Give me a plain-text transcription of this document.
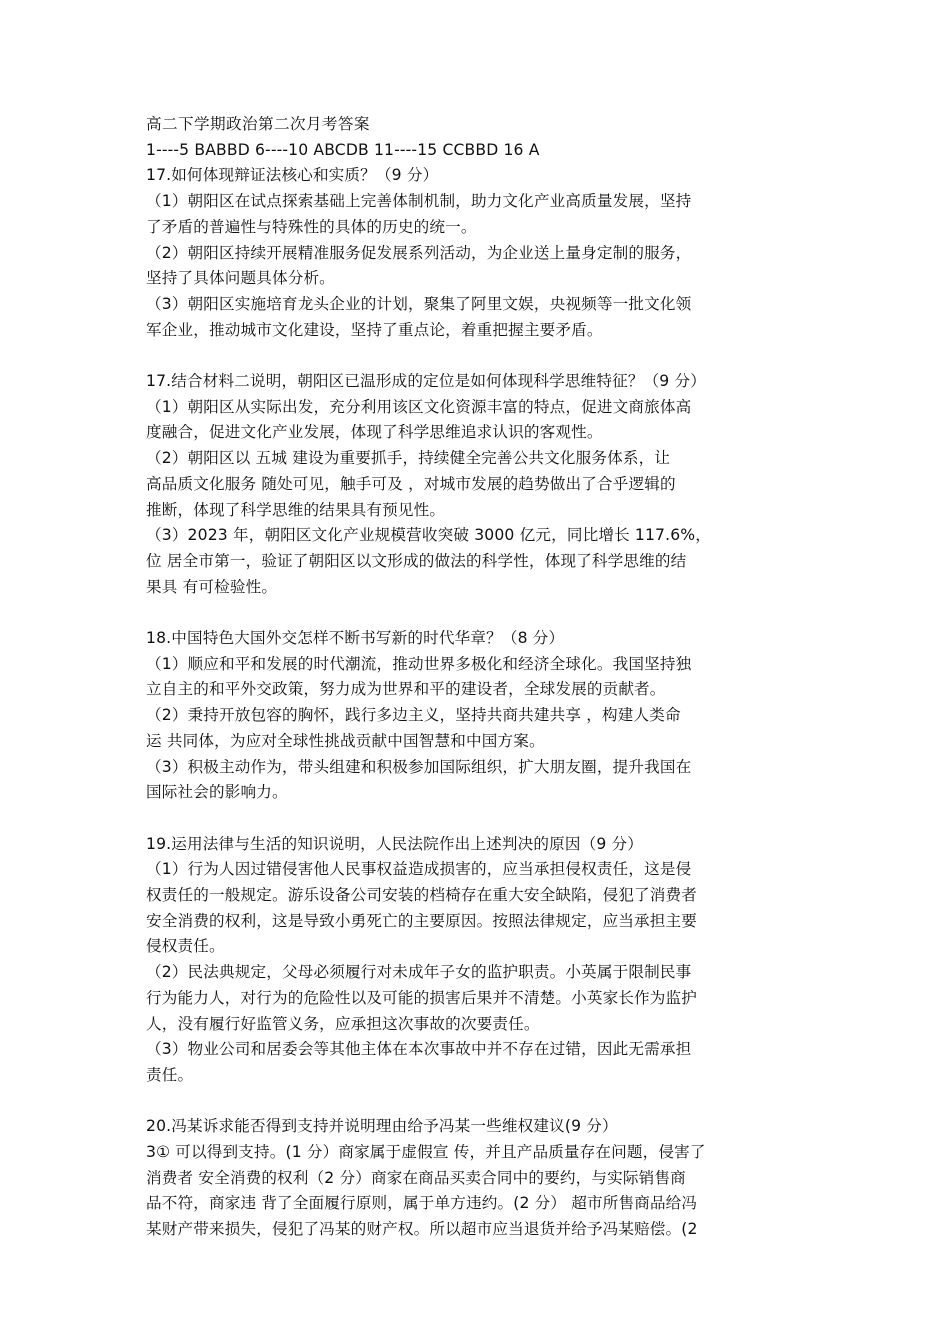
高二下学期政治第二次月考答案
1----5 BABBD 6----10 ABCDB 11----15 CCBBD 16 A
17.如何体现辩证法核心和实质？（9 分）
（1）朝阳区在试点探索基础上完善体制机制，助力文化产业高质量发展，坚持
了矛盾的普遍性与特殊性的具体的历史的统一。
（2）朝阳区持续开展精准服务促发展系列活动，为企业送上量身定制的服务，
坚持了具体问题具体分析。
（3）朝阳区实施培育龙头企业的计划，聚集了阿里文娱，央视频等一批文化领
军企业，推动城市文化建设，坚持了重点论，着重把握主要矛盾。
17.结合材料二说明，朝阳区已温形成的定位是如何体现科学思维特征？（9 分）
（1）朝阳区从实际出发，充分利用该区文化资源丰富的特点，促进文商旅体高
度融合，促进文化产业发展，体现了科学思维追求认识的客观性。
（2）朝阳区以 五城 建设为重要抓手，持续健全完善公共文化服务体系，让
高品质文化服务 随处可见，触手可及 ，对城市发展的趋势做出了合乎逻辑的
推断，体现了科学思维的结果具有预见性。
（3）2023 年，朝阳区文化产业规模营收突破 3000 亿元，同比增长 117.6%，
位 居全市第一，验证了朝阳区以文形成的做法的科学性，体现了科学思维的结
果具 有可检验性。
18.中国特色大国外交怎样不断书写新的时代华章？（8 分）
（1）顺应和平和发展的时代潮流，推动世界多极化和经济全球化。我国坚持独
立自主的和平外交政策，努力成为世界和平的建设者，全球发展的贡献者。
（2）秉持开放包容的胸怀，践行多边主义，坚持共商共建共享 ，构建人类命
运 共同体，为应对全球性挑战贡献中国智慧和中国方案。
（3）积极主动作为，带头组建和积极参加国际组织，扩大朋友圈，提升我国在
国际社会的影响力。
19.运用法律与生活的知识说明，人民法院作出上述判决的原因（9 分）
（1）行为人因过错侵害他人民事权益造成损害的，应当承担侵权责任，这是侵
权责任的一般规定。游乐设备公司安装的档椅存在重大安全缺陷，侵犯了消费者
安全消费的权利，这是导致小勇死亡的主要原因。按照法律规定，应当承担主要
侵权责任。
（2）民法典规定，父母必须履行对未成年子女的监护职责。小英属于限制民事
行为能力人，对行为的危险性以及可能的损害后果并不清楚。小英家长作为监护
人，没有履行好监管义务，应承担这次事故的次要责任。
（3）物业公司和居委会等其他主体在本次事故中并不存在过错，因此无需承担
责任。
20.冯某诉求能否得到支持并说明理由给予冯某一些维权建议(9 分）
3① 可以得到支持。(1 分）商家属于虚假宣 传，并且产品质量存在问题，侵害了
消费者 安全消费的权利（2 分）商家在商品买卖合同中的要约，与实际销售商
品不符，商家违 背了全面履行原则，属于单方违约。(2 分） 超市所售商品给冯
某财产带来损失，侵犯了冯某的财产权。所以超市应当退货并给予冯某赔偿。(2
